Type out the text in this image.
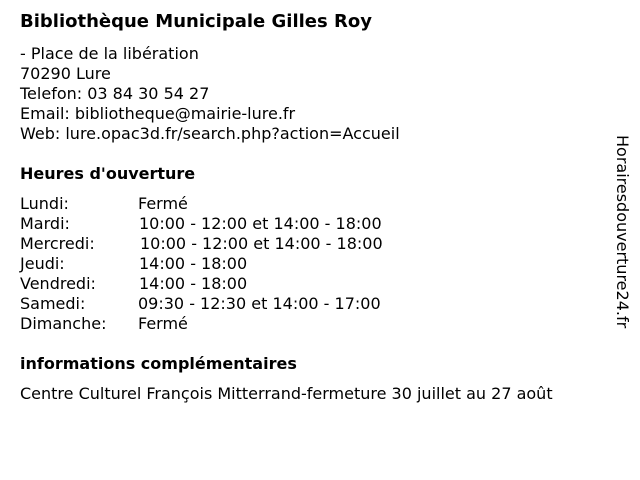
Bibliothèque Municipale Gilles Roy
- Place de la libération
70290 Lure
Telefon: 03 84 30 54 27
Email: bibliotheque@mairie-lure.fr
Web: lure.opac3d.fr/search.php?action=Accueil
Heures d'ouverture
Lundi:	Fermé
Mardi:	10:00 - 12:00 et 14:00 - 18:00
Mercredi:	10:00 - 12:00 et 14:00 - 18:00
Jeudi:	14:00 - 18:00
Vendredi:	14:00 - 18:00
Samedi:	09:30 - 12:30 et 14:00 - 17:00
Dimanche: Fermé
informations complémentaires
Centre Culturel François Mitterrand-fermeture 30 juillet au 27 août
Horairesdouverture24.fr
